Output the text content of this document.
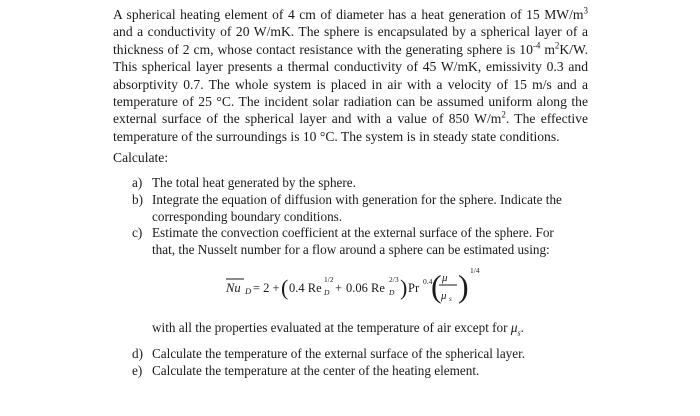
A spherical heating element of 4 cm of diameter has a heat generation of 15 $MW/m^3$ and a conductivity of 20 W/mK. The sphere is encapsulated by a spherical layer of a thickness of 2 cm, whose contact resistance with the generating sphere is $10^{-4}$ $m^2K/W$. This spherical layer presents a thermal conductivity of 45 W/mK, emissivity 0.3 and absorptivity 0.7. The whole system is placed in air with a velocity of 15 m/s and a temperature of 25 °C. The incident solar radiation can be assumed uniform along the external surface of the spherical layer and with a value of 850 $W/m^2$. The effective temperature of the surroundings is 10 °C. The system is in steady state conditions.

Calculate:

a) The total heat generated by the sphere.
b) Integrate the equation of diffusion with generation for the sphere. Indicate the corresponding boundary conditions.
c) Estimate the convection coefficient at the external surface of the sphere. For that, the Nusselt number for a flow around a sphere can be estimated using:
Nu D = 2 + ( 0.4 Re
1/2
D + 0.06 Re
2/3
D ) Pr 0.4
( μ
μ s ) 1/4
with all the properties evaluated at the temperature of air except for $\mu_s$.
d) Calculate the temperature of the external surface of the spherical layer.
e) Calculate the temperature at the center of the heating element.
